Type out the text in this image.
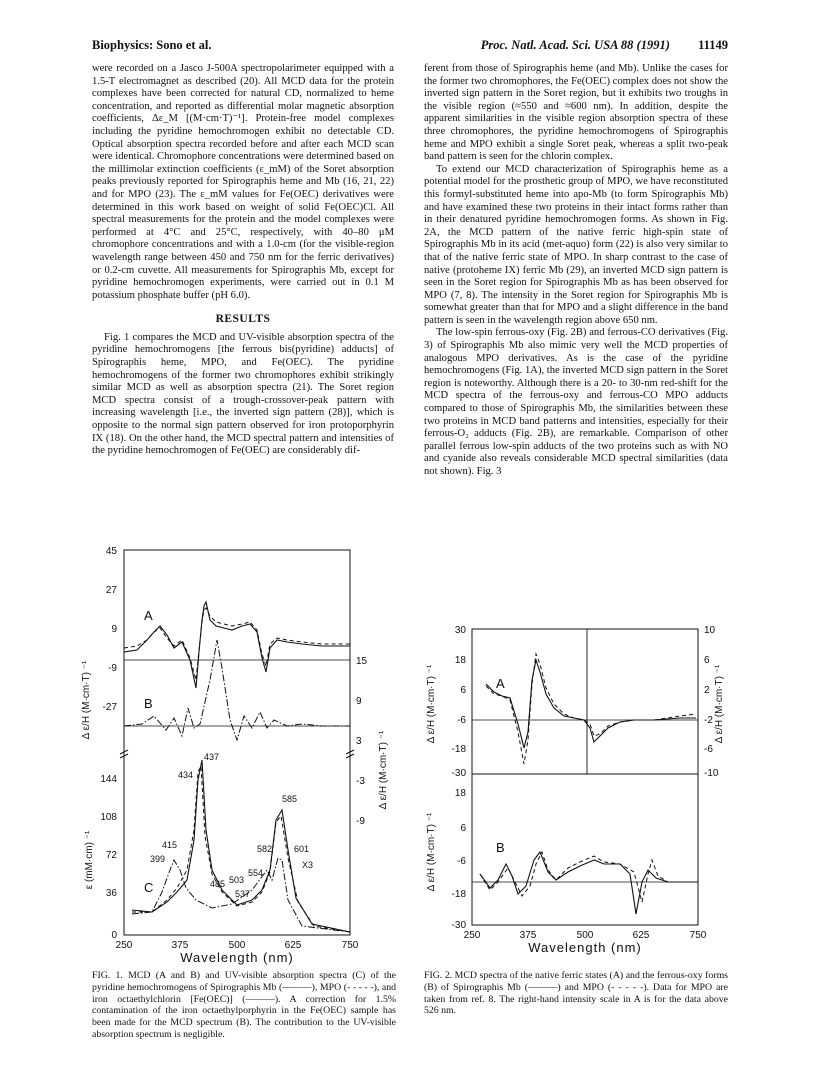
Biophysics: Sono et al.	Proc. Natl. Acad. Sci. USA 88 (1991) 11149

were recorded on a Jasco J-500A spectropolarimeter equipped with a 1.5-T electromagnet as described (20). All MCD data for the protein complexes have been corrected for natural CD, normalized to heme concentration, and reported as differential molar magnetic absorption coefficients, Δε_M [(M·cm·T)⁻¹]. Protein-free model complexes including the pyridine hemochromogen exhibit no detectable CD. Optical absorption spectra recorded before and after each MCD scan were identical. Chromophore concentrations were determined based on the millimolar extinction coefficients (ε_mM) of the Soret absorption peaks previously reported for Spirographis heme and Mb (16, 21, 22) and for MPO (23). The ε_mM values for Fe(OEC) derivatives were determined in this work based on weight of solid Fe(OEC)Cl. All spectral measurements for the protein and the model complexes were performed at 4°C and 25°C, respectively, with 40–80 μM chromophore concentrations and with a 1.0-cm (for the visible-region wavelength range between 450 and 750 nm for the ferric derivatives) or 0.2-cm cuvette. All measurements for Spirographis Mb, except for pyridine hemochromogen experiments, were carried out in 0.1 M potassium phosphate buffer (pH 6.0).

RESULTS

Fig. 1 compares the MCD and UV-visible absorption spectra of the pyridine hemochromogens [the ferrous bis(pyridine) adducts] of Spirographis heme, MPO, and Fe(OEC). The pyridine hemochromogens of the former two chromophores exhibit strikingly similar MCD as well as absorption spectra (21). The Soret region MCD spectra consist of a trough-crossover-peak pattern with increasing wavelength [i.e., the inverted sign pattern (28)], which is opposite to the normal sign pattern observed for iron protoporphyrin IX (18). On the other hand, the MCD spectral pattern and intensities of the pyridine hemochromogen of Fe(OEC) are considerably dif-

ferent from those of Spirographis heme (and Mb). Unlike the cases for the former two chromophores, the Fe(OEC) complex does not show the inverted sign pattern in the Soret region, but it exhibits two troughs in the visible region (≈550 and ≈600 nm). In addition, despite the apparent similarities in the visible region absorption spectra of these three chromophores, the pyridine hemochromogens of Spirographis heme and MPO exhibit a single Soret peak, whereas a split two-peak band pattern is seen for the chlorin complex.

To extend our MCD characterization of Spirographis heme as a potential model for the prosthetic group of MPO, we have reconstituted this formyl-substituted heme into apo-Mb (to form Spirographis Mb) and have examined these two proteins in their intact forms rather than in their denatured pyridine hemochromogen forms. As shown in Fig. 2A, the MCD pattern of the native ferric high-spin state of Spirographis Mb in its acid (met-aquo) form (22) is also very similar to that of the native ferric state of MPO. In sharp contrast to the case of native (protoheme IX) ferric Mb (29), an inverted MCD sign pattern is seen in the Soret region for Spirographis Mb as has been observed for MPO (7, 8). The intensity in the Soret region for Spirographis Mb is somewhat greater than that for MPO and a slight difference in the band pattern is seen in the wavelength region above 650 nm.

The low-spin ferrous-oxy (Fig. 2B) and ferrous-CO derivatives (Fig. 3) of Spirographis Mb also mimic very well the MCD properties of analogous MPO derivatives. As is the case of the pyridine hemochromogens (Fig. 1A), the inverted MCD sign pattern in the Soret region is noteworthy. Although there is a 20- to 30-nm red-shift for the MCD spectra of the ferrous-oxy and ferrous-CO MPO adducts compared to those of Spirographis Mb, the similarities between these two proteins in MCD band patterns and intensities, especially for their ferrous-O₂ adducts (Fig. 2B), are remarkable. Comparison of other parallel ferrous low-spin adducts of the two proteins such as with NO and cyanide also reveals considerable MCD spectral similarities (data not shown). Fig. 3

45
27
9
-9
-27
15
9
3
-3
-9
144
108
72
36
0
250	375	500	625	750
Wavelength (nm)
Δ ε/H (M·cm·T) ⁻¹
Δ ε/H (M·cm·T) ⁻¹
ε (mM·cm) ⁻¹
A
B
C
437
434
415
399
485 503
537
554
582
585
601
X3
30
18
6
-6
-18
-30
10
6
2
-2
-6
-10
18
6
-6
-18
-30
250	375	500	625	750
Wavelength (nm)
Δ ε/H (M·cm·T) ⁻¹	Δ ε/H (M·cm·T) ⁻¹
Δ ε/H (M·cm·T) ⁻¹
A
B
FIG. 1. MCD (A and B) and UV-visible absorption spectra (C) of the pyridine hemochromogens of Spirographis Mb (———), MPO (- - - - -), and iron octaethylchlorin [Fe(OEC)] (———). A correction for 1.5% contamination of the iron octaethylporphyrin in the Fe(OEC) sample has been made for the MCD spectrum (B). The contribution to the UV-visible absorption spectrum is negligible.
FIG. 2. MCD spectra of the native ferric states (A) and the ferrous-oxy forms (B) of Spirographis Mb (———) and MPO (- - - - -). Data for MPO are taken from ref. 8. The right-hand intensity scale in A is for the data above 526 nm.
